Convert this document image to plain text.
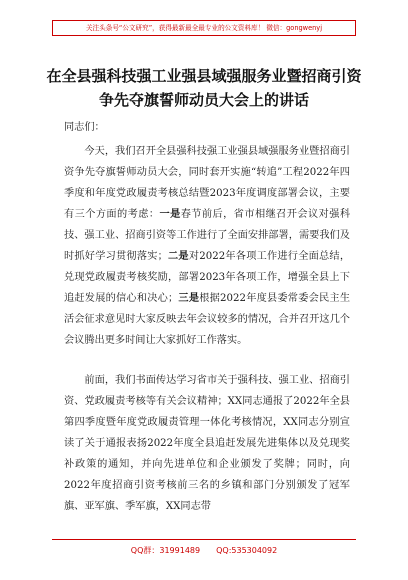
关注头条号“公文研究”，获得最新最全最专业的公文资料库！ 微信：gongwenyj
在全县强科技强工业强县域强服务业暨招商引资争先夺旗誓师动员大会上的讲话

同志们：

今天，我们召开全县强科技强工业强县域强服务业暨招商引资争先夺旗誓师动员大会，同时套开实施“转追”工程2022年四季度和年度党政履责考核总结暨2023年度调度部署会议，主要有三个方面的考虑：一是春节前后，省市相继召开会议对强科技、强工业、招商引资等工作进行了全面安排部署，需要我们及时抓好学习贯彻落实；二是对2022年各项工作进行全面总结，兑现党政履责考核奖励，部署2023年各项工作，增强全县上下追赶发展的信心和决心；三是根据2022年度县委常委会民主生活会征求意见时大家反映去年会议较多的情况，合并召开这几个会议腾出更多时间让大家抓好工作落实。

前面，我们书面传达学习省市关于强科技、强工业、招商引资、党政履责考核等有关会议精神；XX同志通报了2022年全县第四季度暨年度党政履责管理一体化考核情况，XX同志分别宣读了关于通报表扬2022年度全县追赶发展先进集体以及兑现奖补政策的通知，并向先进单位和企业颁发了奖牌；同时，向2022年度招商引资考核前三名的乡镇和部门分别颁发了冠军旗、亚军旗、季军旗，XX同志带

QQ群：31991489 QQ:535304092
